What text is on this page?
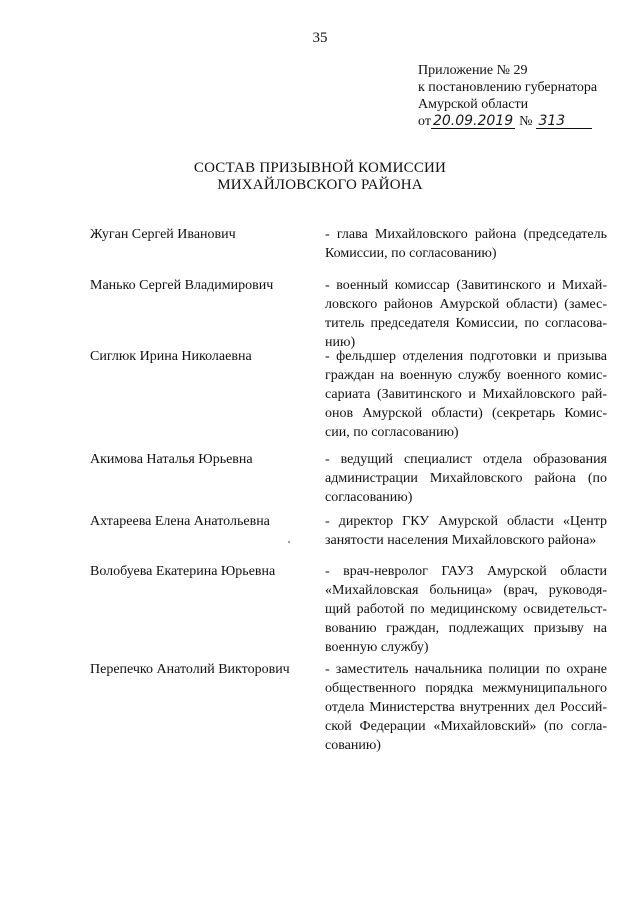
35
Приложение № 29
к постановлению губернатора
Амурской области
от 20.09.2019 № 313
СОСТАВ ПРИЗЫВНОЙ КОМИССИИ
МИХАЙЛОВСКОГО РАЙОНА
Жуган Сергей Иванович	- глава Михайловского района (председатель
Комиссии, по согласованию)
Манько Сергей Владимирович	- военный комиссар (Завитинского и Михай-
ловского районов Амурской области) (замес-
титель председателя Комиссии, по согласова-
нию)
Сиглюк Ирина Николаевна	- фельдшер отделения подготовки и призыва
граждан на военную службу военного комис-
сариата (Завитинского и Михайловского рай-
онов Амурской области) (секретарь Комис-
сии, по согласованию)
Акимова Наталья Юрьевна	- ведущий специалист отдела образования
администрации Михайловского района (по
согласованию)
Ахтареева Елена Анатольевна	- директор ГКУ Амурской области «Центр
занятости населения Михайловского района»
Волобуева Екатерина Юрьевна	- врач-невролог ГАУЗ Амурской области
«Михайловская больница» (врач, руководя-
щий работой по медицинскому освидетельст-
вованию граждан, подлежащих призыву на
военную службу)
Перепечко Анатолий Викторович	- заместитель начальника полиции по охране
общественного порядка межмуниципального
отдела Министерства внутренних дел Россий-
ской Федерации «Михайловский» (по согла-
сованию)
